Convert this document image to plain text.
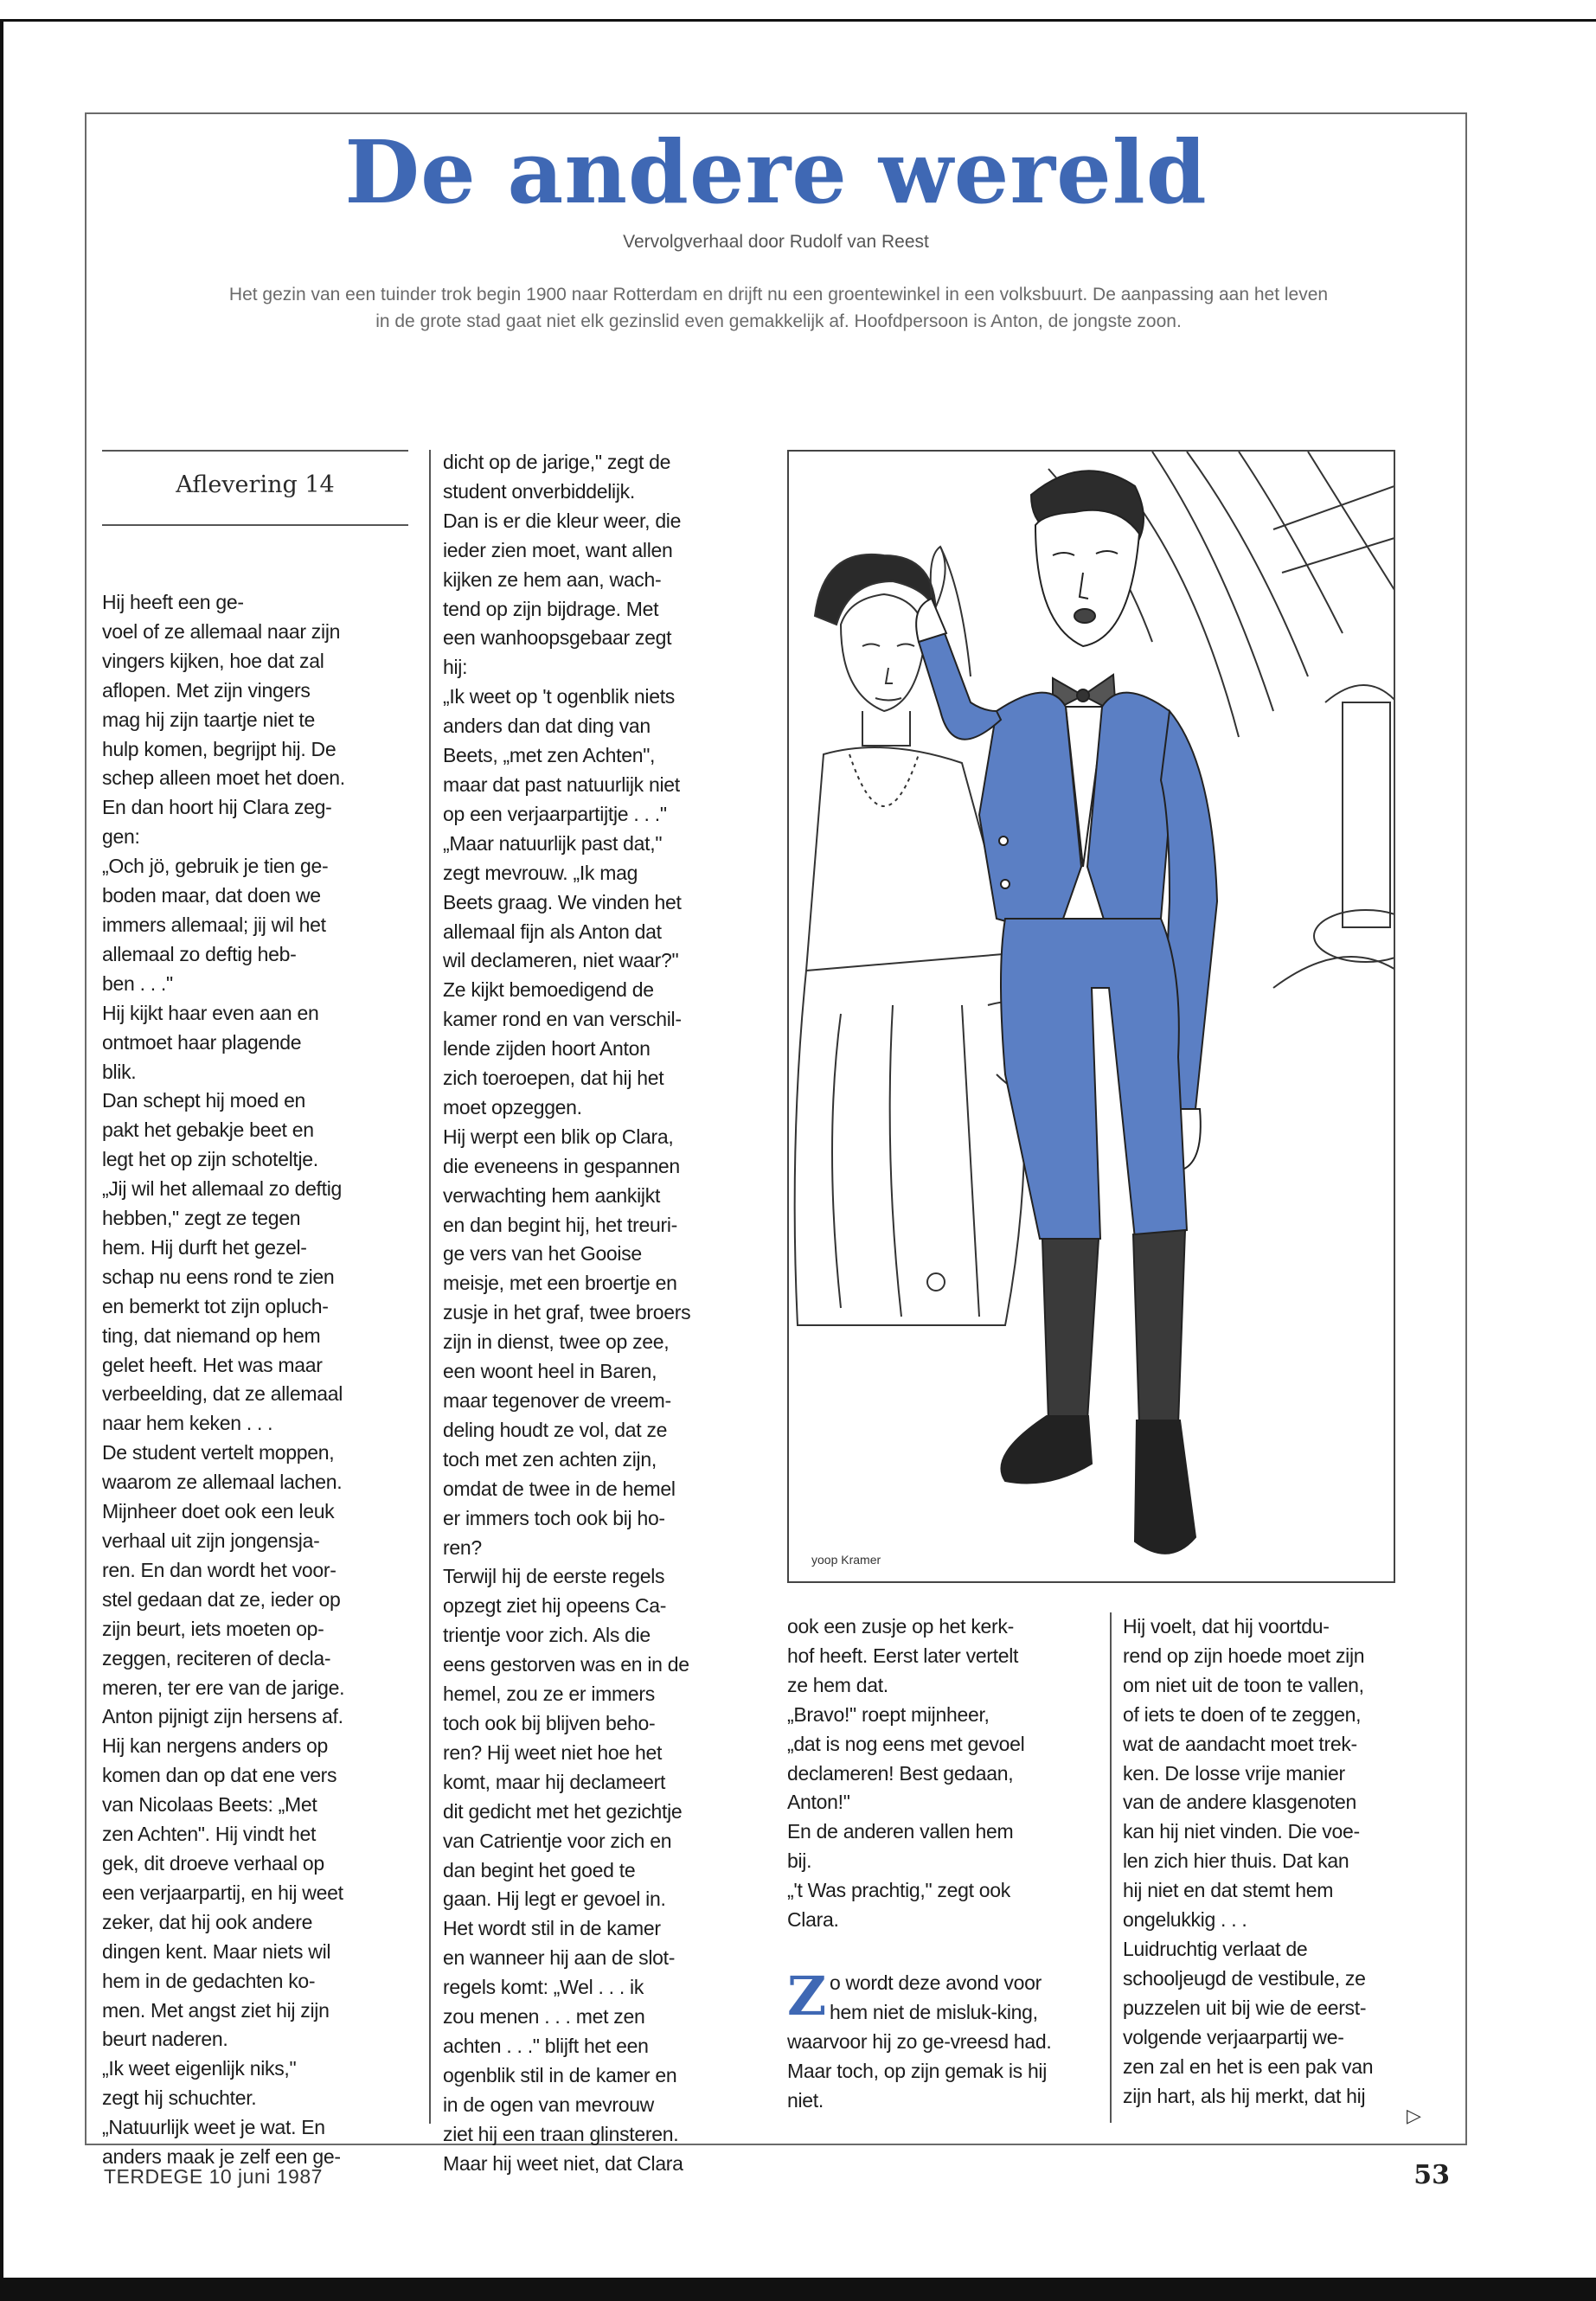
De andere wereld
Vervolgverhaal door Rudolf van Reest

Het gezin van een tuinder trok begin 1900 naar Rotterdam en drijft nu een groentewinkel in een volksbuurt. De aanpassing aan het leven in de grote stad gaat niet elk gezinslid even gemakkelijk af. Hoofdpersoon is Anton, de jongste zoon.

Aflevering 14
Hij heeft een ge-
voel of ze allemaal naar zijn
vingers kijken, hoe dat zal
aflopen. Met zijn vingers
mag hij zijn taartje niet te
hulp komen, begrijpt hij. De
schep alleen moet het doen.
En dan hoort hij Clara zeg-
gen:
„Och jö, gebruik je tien ge-
boden maar, dat doen we
immers allemaal; jij wil het
allemaal zo deftig heb-
ben . . ."
Hij kijkt haar even aan en
ontmoet haar plagende
blik.
Dan schept hij moed en
pakt het gebakje beet en
legt het op zijn schoteltje.
„Jij wil het allemaal zo deftig
hebben," zegt ze tegen
hem. Hij durft het gezel-
schap nu eens rond te zien
en bemerkt tot zijn opluch-
ting, dat niemand op hem
gelet heeft. Het was maar
verbeelding, dat ze allemaal
naar hem keken . . .
De student vertelt moppen,
waarom ze allemaal lachen.
Mijnheer doet ook een leuk
verhaal uit zijn jongensja-
ren. En dan wordt het voor-
stel gedaan dat ze, ieder op
zijn beurt, iets moeten op-
zeggen, reciteren of decla-
meren, ter ere van de jarige.
Anton pijnigt zijn hersens af.
Hij kan nergens anders op
komen dan op dat ene vers
van Nicolaas Beets: „Met
zen Achten". Hij vindt het
gek, dit droeve verhaal op
een verjaarpartij, en hij weet
zeker, dat hij ook andere
dingen kent. Maar niets wil
hem in de gedachten ko-
men. Met angst ziet hij zijn
beurt naderen.
„Ik weet eigenlijk niks,"
zegt hij schuchter.
„Natuurlijk weet je wat. En
anders maak je zelf een ge-
dicht op de jarige," zegt de
student onverbiddelijk.
Dan is er die kleur weer, die
ieder zien moet, want allen
kijken ze hem aan, wach-
tend op zijn bijdrage. Met
een wanhoopsgebaar zegt
hij:
„Ik weet op 't ogenblik niets
anders dan dat ding van
Beets, „met zen Achten",
maar dat past natuurlijk niet
op een verjaarpartijtje . . ."
„Maar natuurlijk past dat,"
zegt mevrouw. „Ik mag
Beets graag. We vinden het
allemaal fijn als Anton dat
wil declameren, niet waar?"
Ze kijkt bemoedigend de
kamer rond en van verschil-
lende zijden hoort Anton
zich toeroepen, dat hij het
moet opzeggen.
Hij werpt een blik op Clara,
die eveneens in gespannen
verwachting hem aankijkt
en dan begint hij, het treuri-
ge vers van het Gooise
meisje, met een broertje en
zusje in het graf, twee broers
zijn in dienst, twee op zee,
een woont heel in Baren,
maar tegenover de vreem-
deling houdt ze vol, dat ze
toch met zen achten zijn,
omdat de twee in de hemel
er immers toch ook bij ho-
ren?
Terwijl hij de eerste regels
opzegt ziet hij opeens Ca-
trientje voor zich. Als die
eens gestorven was en in de
hemel, zou ze er immers
toch ook bij blijven beho-
ren? Hij weet niet hoe het
komt, maar hij declameert
dit gedicht met het gezichtje
van Catrientje voor zich en
dan begint het goed te
gaan. Hij legt er gevoel in.
Het wordt stil in de kamer
en wanneer hij aan de slot-
regels komt: „Wel . . . ik
zou menen . . . met zen
achten . . ." blijft het een
ogenblik stil in de kamer en
in de ogen van mevrouw
ziet hij een traan glinsteren.
Maar hij weet niet, dat Clara
yoop Kramer
ook een zusje op het kerk-
hof heeft. Eerst later vertelt
ze hem dat.
„Bravo!" roept mijnheer,
„dat is nog eens met gevoel
declameren! Best gedaan,
Anton!"
En de anderen vallen hem
bij.
„'t Was prachtig," zegt ook
Clara.
Zo wordt deze avond voor hem niet de misluk-king, waarvoor hij zo ge-vreesd had. Maar toch, op zijn gemak is hij niet.
Hij voelt, dat hij voortdu-
rend op zijn hoede moet zijn
om niet uit de toon te vallen,
of iets te doen of te zeggen,
wat de aandacht moet trek-
ken. De losse vrije manier
van de andere klasgenoten
kan hij niet vinden. Die voe-
len zich hier thuis. Dat kan
hij niet en dat stemt hem
ongelukkig . . .
Luidruchtig verlaat de
schooljeugd de vestibule, ze
puzzelen uit bij wie de eerst-
volgende verjaarpartij we-
zen zal en het is een pak van
zijn hart, als hij merkt, dat hij
▷
TERDEGE 10 juni 1987	53
